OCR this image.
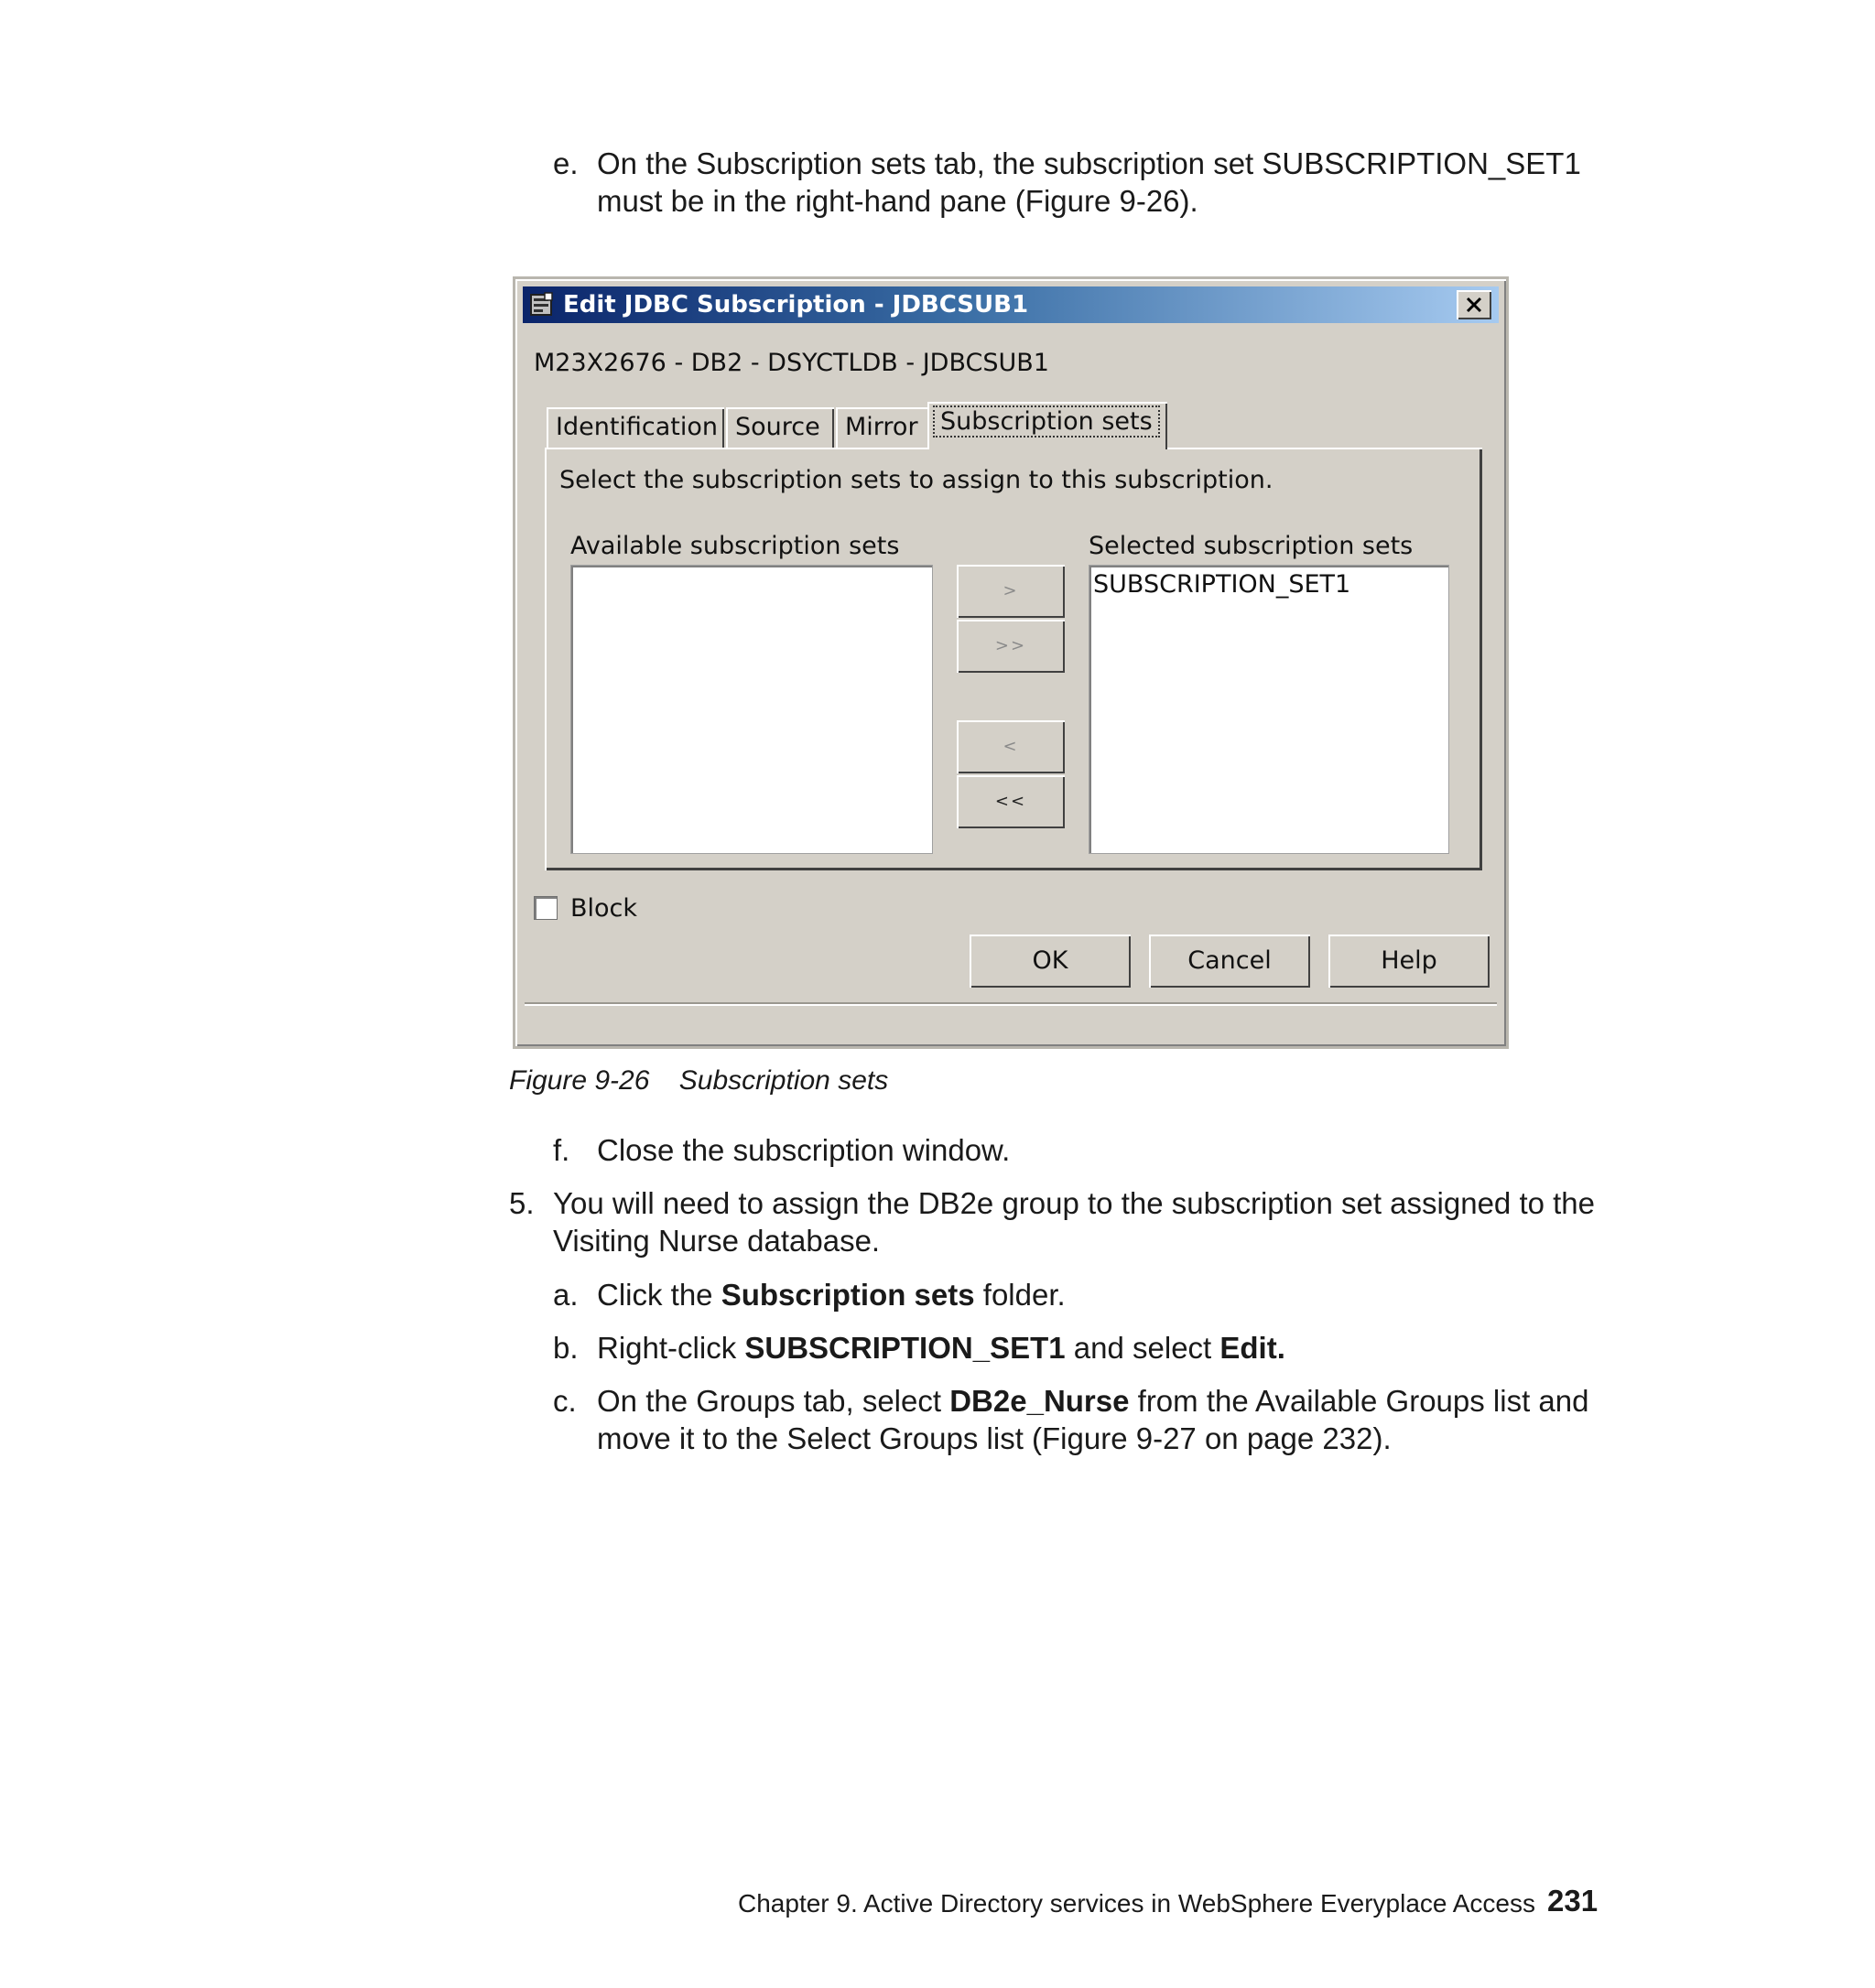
e. On the Subscription sets tab, the subscription set SUBSCRIPTION_SET1
must be in the right-hand pane (Figure 9-26).
Edit JDBC Subscription - JDBCSUB1
M23X2676 - DB2 - DSYCTLDB - JDBCSUB1
Identification Source	Mirror Subscription sets
Select the subscription sets to assign to this subscription.
Available subscription sets
>
>>
<
<<
Selected subscription sets
SUBSCRIPTION_SET1
Block
OK	Cancel	Help
Figure 9-26 Subscription sets
f. Close the subscription window.
5. You will need to assign the DB2e group to the subscription set assigned to the
Visiting Nurse database.
a. Click the Subscription sets folder.
b. Right-click SUBSCRIPTION_SET1 and select Edit.
c. On the Groups tab, select DB2e_Nurse from the Available Groups list and
move it to the Select Groups list (Figure 9-27 on page 232).
Chapter 9. Active Directory services in WebSphere Everyplace Access 231
